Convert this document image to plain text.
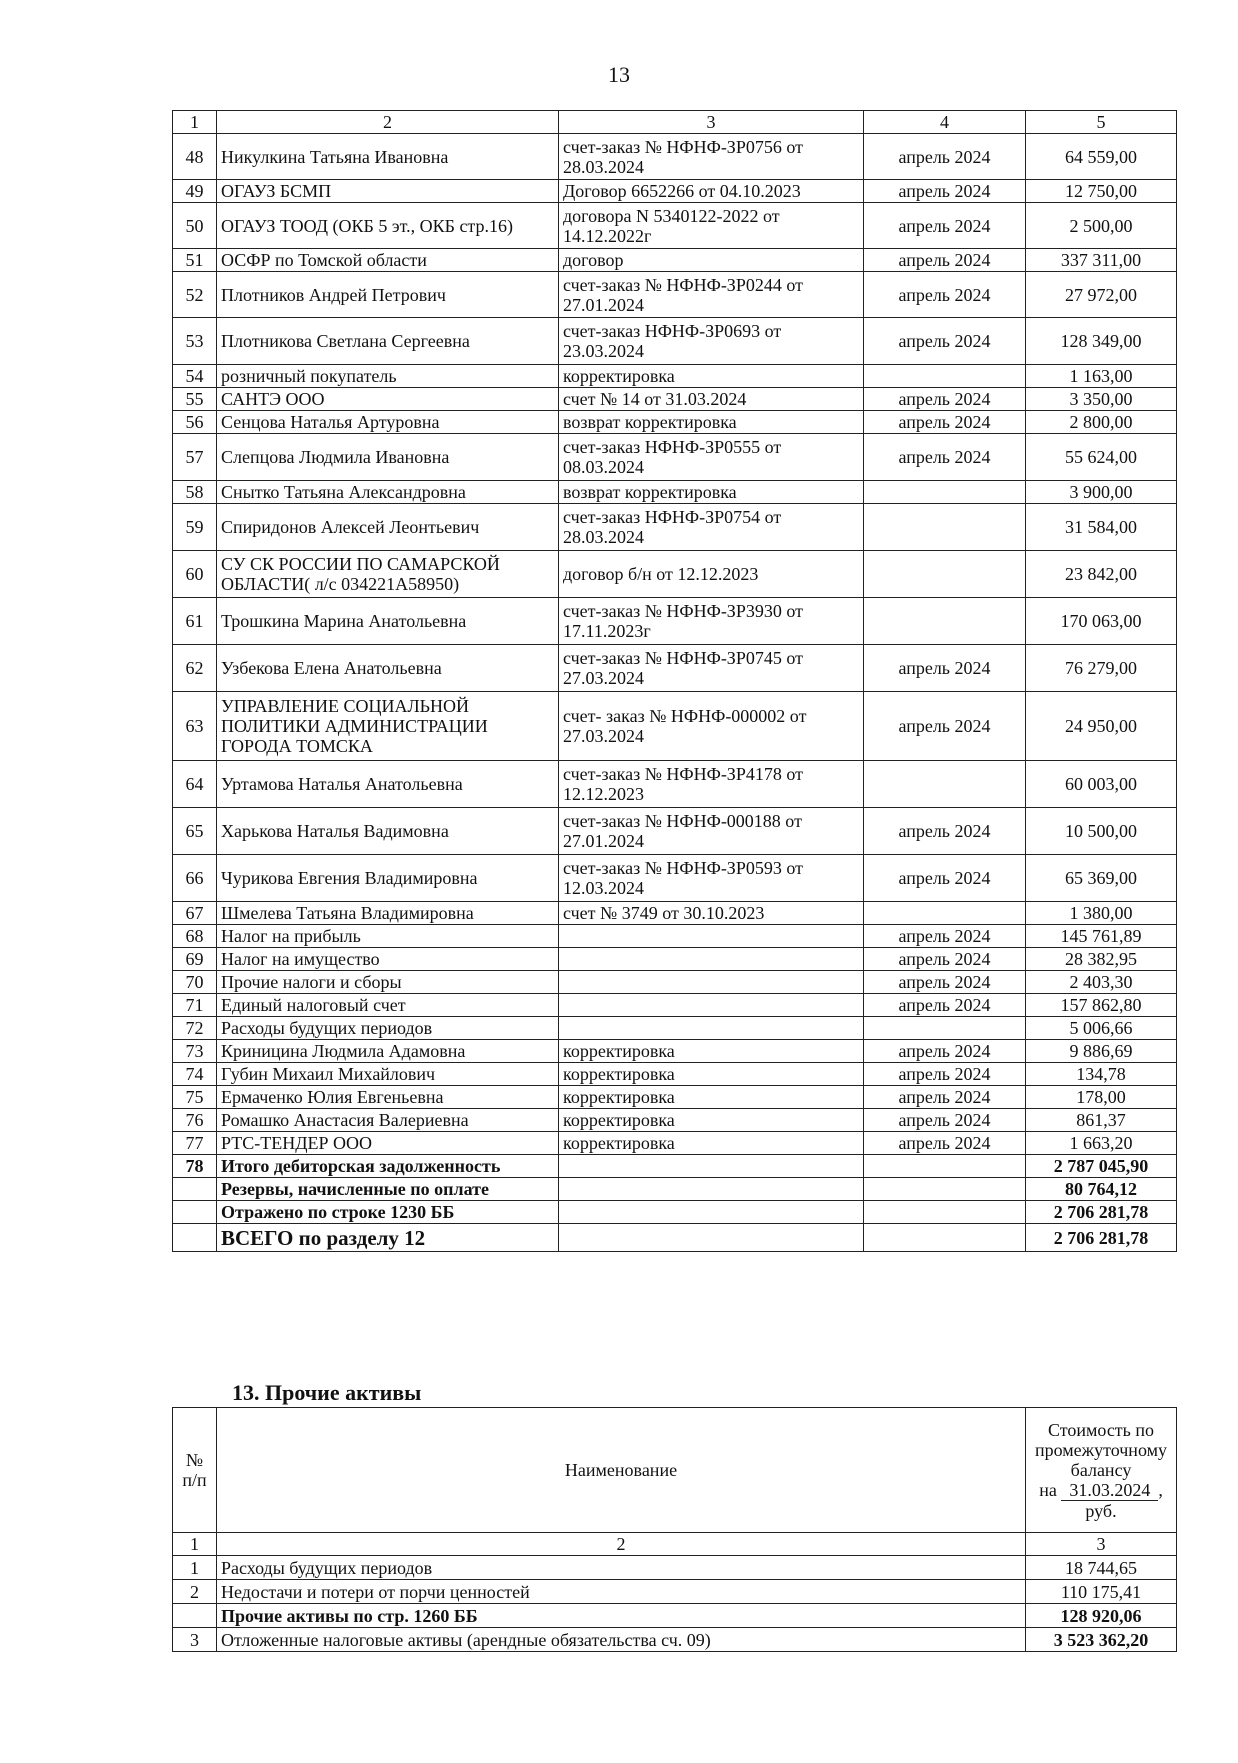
13
1	2	3	4	5
48	Никулкина Татьяна Ивановна	счет-заказ № НФНФ-ЗР0756 от 28.03.2024	апрель 2024	64 559,00
49	ОГАУЗ БСМП	Договор 6652266 от 04.10.2023	апрель 2024	12 750,00
50	ОГАУЗ ТООД (ОКБ 5 эт., ОКБ стр.16)	договора N 5340122-2022 от 14.12.2022г	апрель 2024	2 500,00
51	ОСФР по Томской области	договор	апрель 2024	337 311,00
52	Плотников Андрей Петрович	счет-заказ № НФНФ-ЗР0244 от 27.01.2024	апрель 2024	27 972,00
53	Плотникова Светлана Сергеевна	счет-заказ НФНФ-ЗР0693 от 23.03.2024	апрель 2024	128 349,00
54	розничный покупатель	корректировка		1 163,00
55	САНТЭ ООО	счет № 14 от 31.03.2024	апрель 2024	3 350,00
56	Сенцова Наталья Артуровна	возврат корректировка	апрель 2024	2 800,00
57	Слепцова Людмила Ивановна	счет-заказ НФНФ-ЗР0555 от 08.03.2024	апрель 2024	55 624,00
58	Снытко Татьяна Александровна	возврат корректировка		3 900,00
59	Спиридонов Алексей Леонтьевич	счет-заказ НФНФ-ЗР0754 от 28.03.2024		31 584,00
60	СУ СК РОССИИ ПО САМАРСКОЙ ОБЛАСТИ( л/с 034221А58950)	договор б/н от 12.12.2023		23 842,00
61	Трошкина Марина Анатольевна	счет-заказ № НФНФ-ЗР3930 от 17.11.2023г		170 063,00
62	Узбекова Елена Анатольевна	счет-заказ № НФНФ-ЗР0745 от 27.03.2024	апрель 2024	76 279,00
63	УПРАВЛЕНИЕ СОЦИАЛЬНОЙ ПОЛИТИКИ АДМИНИСТРАЦИИ ГОРОДА ТОМСКА	счет- заказ № НФНФ-000002 от 27.03.2024	апрель 2024	24 950,00
64	Уртамова Наталья Анатольевна	счет-заказ № НФНФ-ЗР4178 от 12.12.2023		60 003,00
65	Харькова Наталья Вадимовна	счет-заказ № НФНФ-000188 от 27.01.2024	апрель 2024	10 500,00
66	Чурикова Евгения Владимировна	счет-заказ № НФНФ-ЗР0593 от 12.03.2024	апрель 2024	65 369,00
67	Шмелева Татьяна Владимировна	счет № 3749 от 30.10.2023		1 380,00
68	Налог на прибыль		апрель 2024	145 761,89
69	Налог на имущество		апрель 2024	28 382,95
70	Прочие налоги и сборы		апрель 2024	2 403,30
71	Единый налоговый счет		апрель 2024	157 862,80
72	Расходы будущих периодов			5 006,66
73	Криницина Людмила Адамовна	корректировка	апрель 2024	9 886,69
74	Губин Михаил Михайлович	корректировка	апрель 2024	134,78
75	Ермаченко Юлия Евгеньевна	корректировка	апрель 2024	178,00
76	Ромашко Анастасия Валериевна	корректировка	апрель 2024	861,37
77	РТС-ТЕНДЕР ООО	корректировка	апрель 2024	1 663,20
78	Итого дебиторская задолженность			2 787 045,90
	Резервы, начисленные по оплате			80 764,12
	Отражено по строке 1230 ББ			2 706 281,78
	ВСЕГО по разделу 12			2 706 281,78
13. Прочие активы
№ п/п	Наименование	Стоимость по промежуточному балансу
на 31.03.2024 ,
руб.
1	2	3
1	Расходы будущих периодов	18 744,65
2	Недостачи и потери от порчи ценностей	110 175,41
	Прочие активы по стр. 1260 ББ	128 920,06
3	Отложенные налоговые активы (арендные обязательства сч. 09)	3 523 362,20
